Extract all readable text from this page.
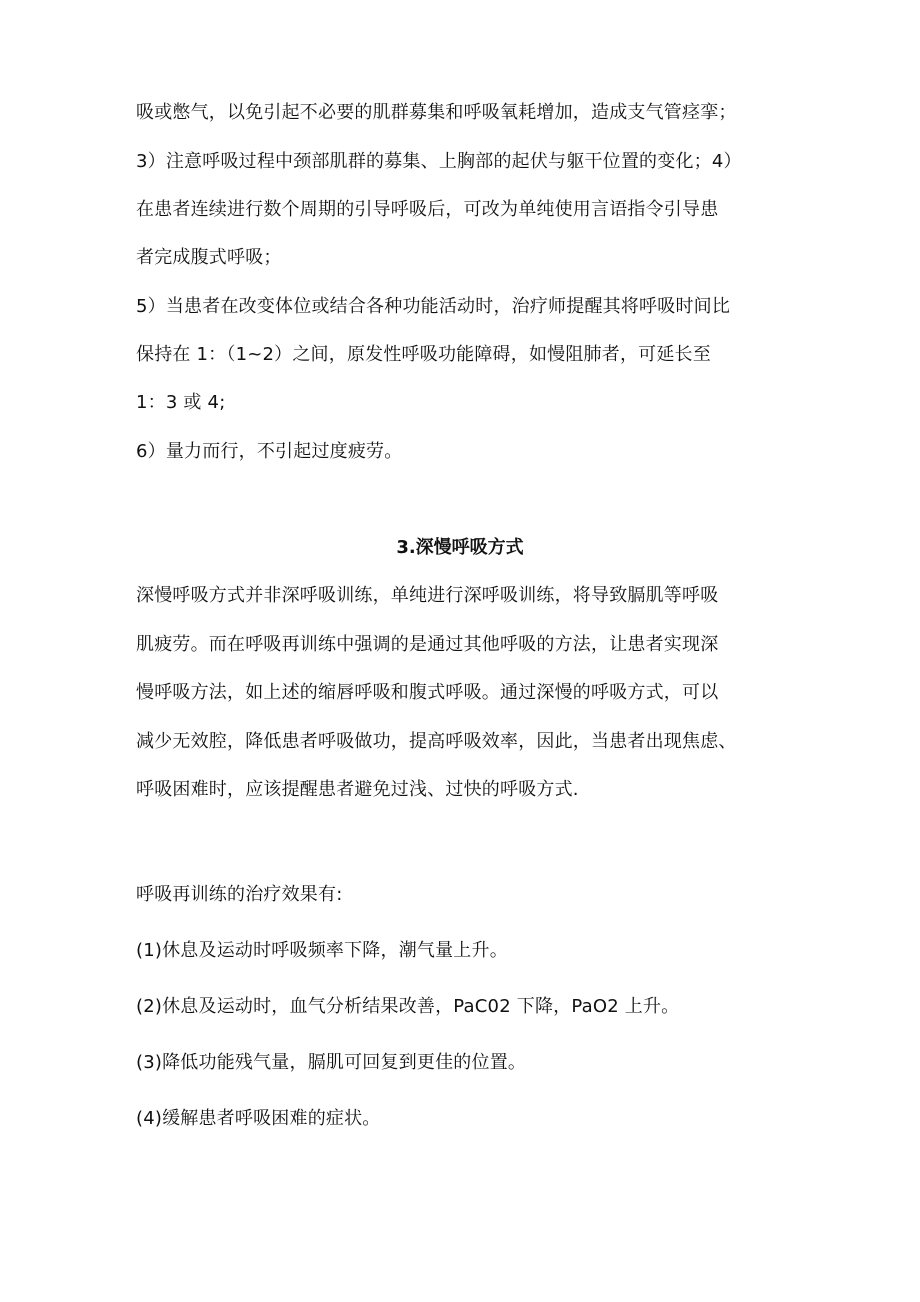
吸或憋气，以免引起不必要的肌群募集和呼吸氧耗增加，造成支气管痉挛；
3）注意呼吸过程中颈部肌群的募集、上胸部的起伏与躯干位置的变化；4）
在患者连续进行数个周期的引导呼吸后，可改为单纯使用言语指令引导患
者完成腹式呼吸；
5）当患者在改变体位或结合各种功能活动时，治疗师提醒其将呼吸时间比
保持在 1：（1~2）之间，原发性呼吸功能障碍，如慢阻肺者，可延长至
1：3 或 4;
6）量力而行，不引起过度疲劳。
3.深慢呼吸方式
深慢呼吸方式并非深呼吸训练，单纯进行深呼吸训练，将导致膈肌等呼吸
肌疲劳。而在呼吸再训练中强调的是通过其他呼吸的方法，让患者实现深
慢呼吸方法，如上述的缩唇呼吸和腹式呼吸。通过深慢的呼吸方式，可以
减少无效腔，降低患者呼吸做功，提高呼吸效率，因此，当患者出现焦虑、
呼吸困难时，应该提醒患者避免过浅、过快的呼吸方式.
呼吸再训练的治疗效果有:
(1)休息及运动时呼吸频率下降，潮气量上升。
(2)休息及运动时，血气分析结果改善，PaC02 下降，PaO2 上升。
(3)降低功能残气量，膈肌可回复到更佳的位置。
(4)缓解患者呼吸困难的症状。
